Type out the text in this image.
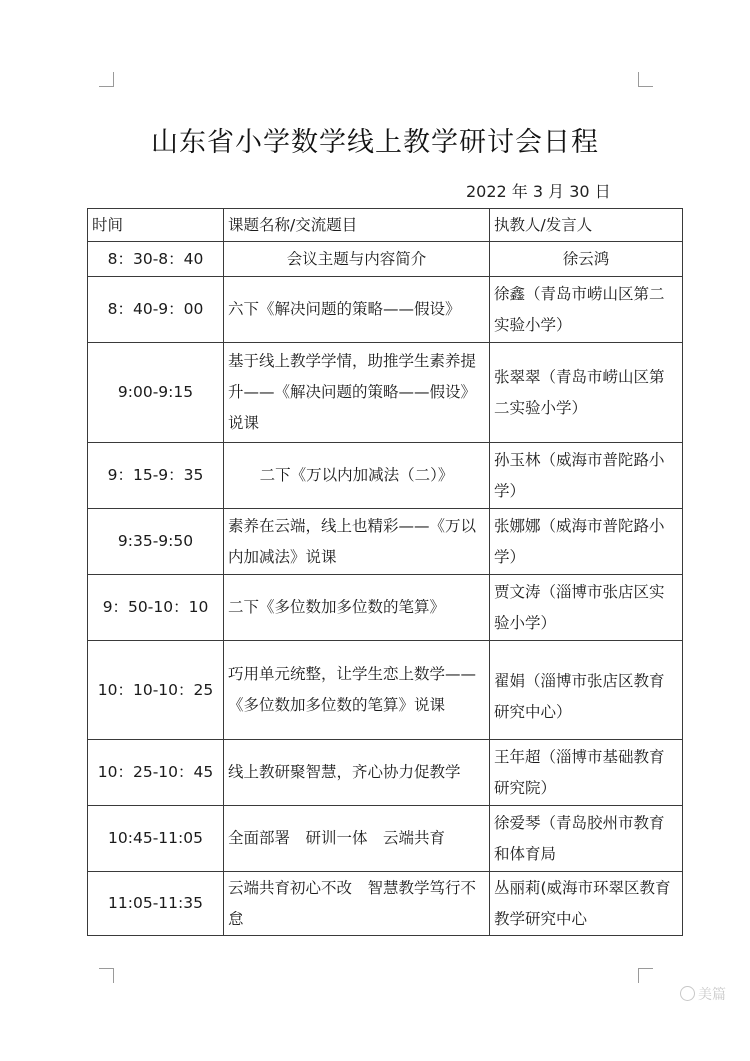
山东省小学数学线上教学研讨会日程
2022 年 3 月 30 日
时间	课题名称/交流题目	执教人/发言人
8：30-8：40	会议主题与内容简介	徐云鸿
8：40-9：00	六下《解决问题的策略——假设》	徐鑫（青岛市崂山区第二实验小学）
9:00-9:15	基于线上教学学情，助推学生素养提升——《解决问题的策略——假设》说课	张翠翠（青岛市崂山区第二实验小学）
9：15-9：35	二下《万以内加减法（二）》	孙玉林（威海市普陀路小学）
9:35-9:50	素养在云端，线上也精彩——《万以内加减法》说课	张娜娜（威海市普陀路小学）
9：50-10：10	二下《多位数加多位数的笔算》	贾文涛（淄博市张店区实验小学）
10：10-10：25	巧用单元统整，让学生恋上数学——《多位数加多位数的笔算》说课	翟娟（淄博市张店区教育研究中心）
10：25-10：45	线上教研聚智慧，齐心协力促教学	王年超（淄博市基础教育研究院）
10:45-11:05	全面部署　研训一体　云端共育	徐爱琴（青岛胶州市教育和体育局
11:05-11:35	云端共育初心不改　智慧教学笃行不怠	丛丽莉(威海市环翠区教育教学研究中心
美篇
